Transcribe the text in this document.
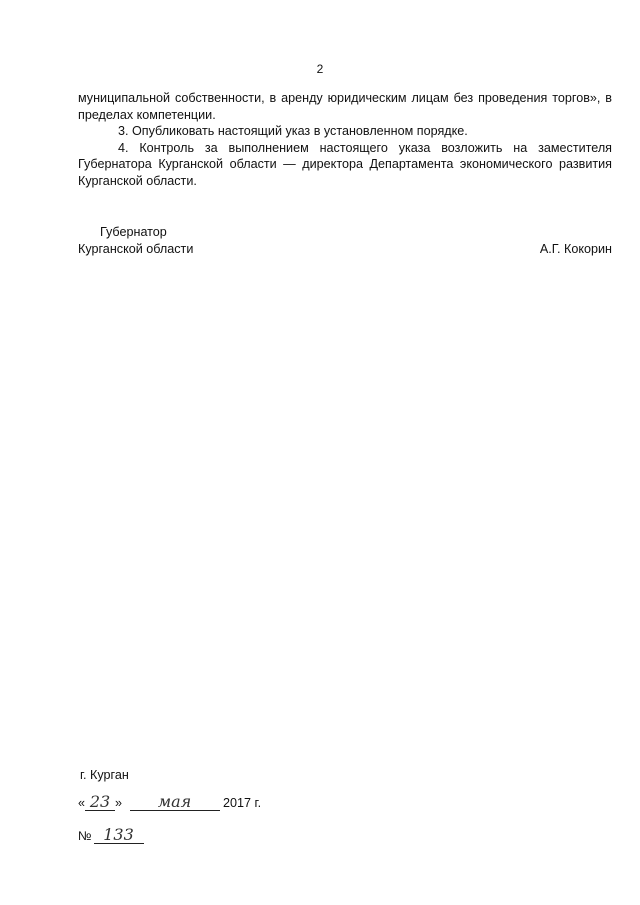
2

муниципальной собственности, в аренду юридическим лицам без проведения торгов», в пределах компетенции.

3. Опубликовать настоящий указ в установленном порядке.

4. Контроль за выполнением настоящего указа возложить на заместителя Губернатора Курганской области — директора Департамента экономического развития Курганской области.

Губернатор
Курганской области	А.Г. Кокорин
г. Курган
« 23 » мая	2017 г.
№ 133
